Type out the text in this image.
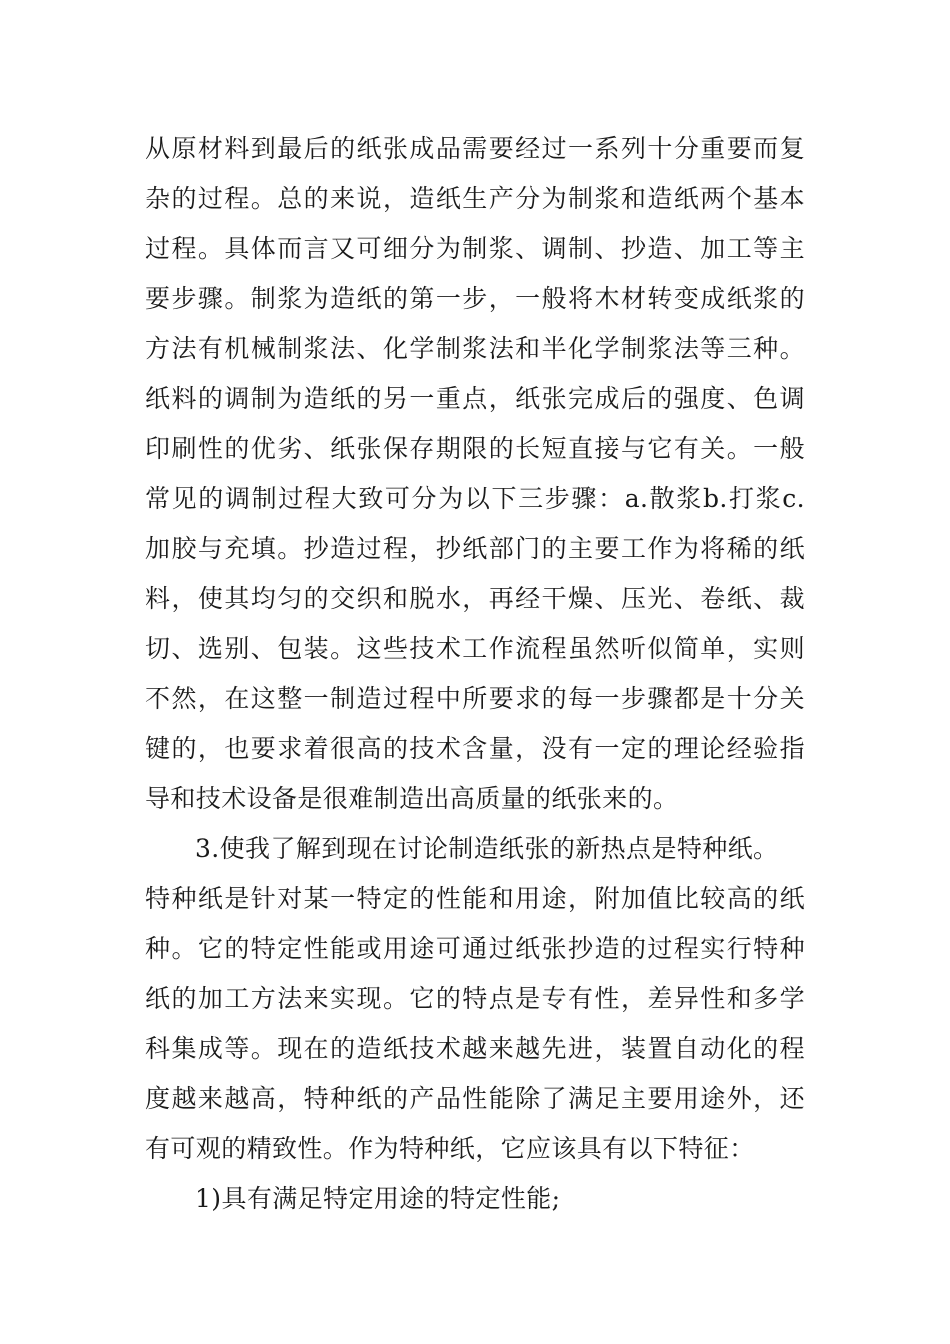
从原材料到最后的纸张成品需要经过一系列十分重要而复
杂的过程。总的来说，造纸生产分为制浆和造纸两个基本
过程。具体而言又可细分为制浆、调制、抄造、加工等主
要步骤。制浆为造纸的第一步，一般将木材转变成纸浆的
方法有机械制浆法、化学制浆法和半化学制浆法等三种。
纸料的调制为造纸的另一重点，纸张完成后的强度、色调
印刷性的优劣、纸张保存期限的长短直接与它有关。一般
常见的调制过程大致可分为以下三步骤：a.散浆b.打浆c.
加胶与充填。抄造过程，抄纸部门的主要工作为将稀的纸
料，使其均匀的交织和脱水，再经干燥、压光、卷纸、裁
切、选别、包装。这些技术工作流程虽然听似简单，实则
不然，在这整一制造过程中所要求的每一步骤都是十分关
键的，也要求着很高的技术含量，没有一定的理论经验指
导和技术设备是很难制造出高质量的纸张来的。
3.使我了解到现在讨论制造纸张的新热点是特种纸。
特种纸是针对某一特定的性能和用途，附加值比较高的纸
种。它的特定性能或用途可通过纸张抄造的过程实行特种
纸的加工方法来实现。它的特点是专有性，差异性和多学
科集成等。现在的造纸技术越来越先进，装置自动化的程
度越来越高，特种纸的产品性能除了满足主要用途外，还
有可观的精致性。作为特种纸，它应该具有以下特征：
1)具有满足特定用途的特定性能;
